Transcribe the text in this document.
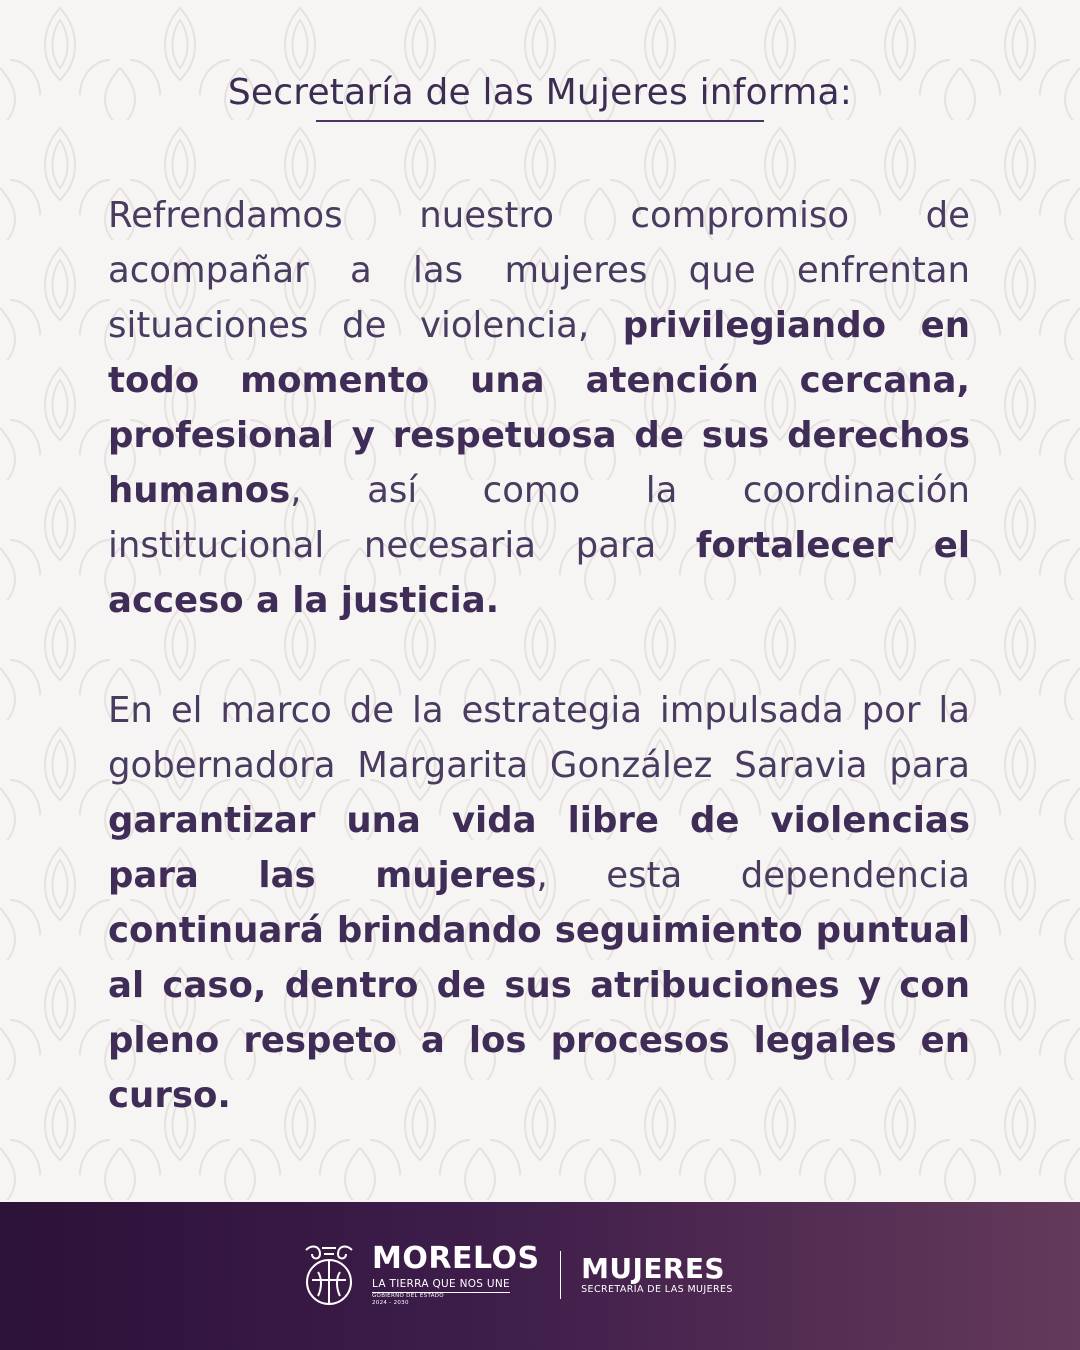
Secretaría de las Mujeres informa:

Refrendamos nuestro compromiso de acompañar a las mujeres que enfrentan situaciones de violencia, privilegiando en todo momento una atención cercana, profesional y respetuosa de sus derechos humanos, así como la coordinación institucional necesaria para fortalecer el acceso a la justicia.

En el marco de la estrategia impulsada por la gobernadora Margarita González Saravia para garantizar una vida libre de violencias para las mujeres, esta dependencia continuará brindando seguimiento puntual al caso, dentro de sus atribuciones y con pleno respeto a los procesos legales en curso.

MORELOS
LA TIERRA QUE NOS UNE
GOBIERNO DEL ESTADO
2024 - 2030
MUJERES
SECRETARÍA DE LAS MUJERES
